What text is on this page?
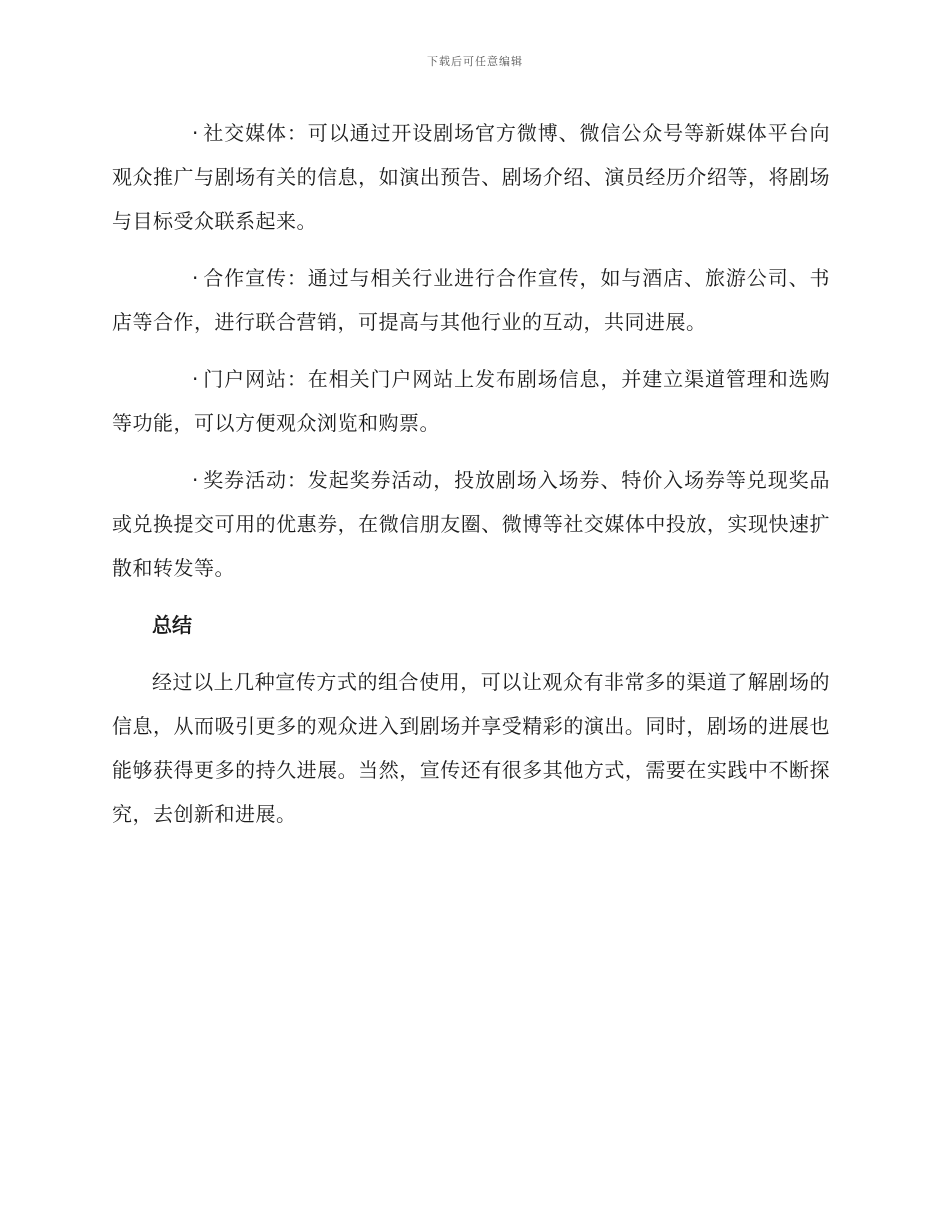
下载后可任意编辑

· 社交媒体：可以通过开设剧场官方微博、微信公众号等新媒体平台向观众推广与剧场有关的信息，如演出预告、剧场介绍、演员经历介绍等，将剧场与目标受众联系起来。

· 合作宣传：通过与相关行业进行合作宣传，如与酒店、旅游公司、书店等合作，进行联合营销，可提高与其他行业的互动，共同进展。

· 门户网站：在相关门户网站上发布剧场信息，并建立渠道管理和选购等功能，可以方便观众浏览和购票。

· 奖券活动：发起奖券活动，投放剧场入场券、特价入场券等兑现奖品或兑换提交可用的优惠券，在微信朋友圈、微博等社交媒体中投放，实现快速扩散和转发等。

总结

经过以上几种宣传方式的组合使用，可以让观众有非常多的渠道了解剧场的信息，从而吸引更多的观众进入到剧场并享受精彩的演出。同时，剧场的进展也能够获得更多的持久进展。当然，宣传还有很多其他方式，需要在实践中不断探究，去创新和进展。
